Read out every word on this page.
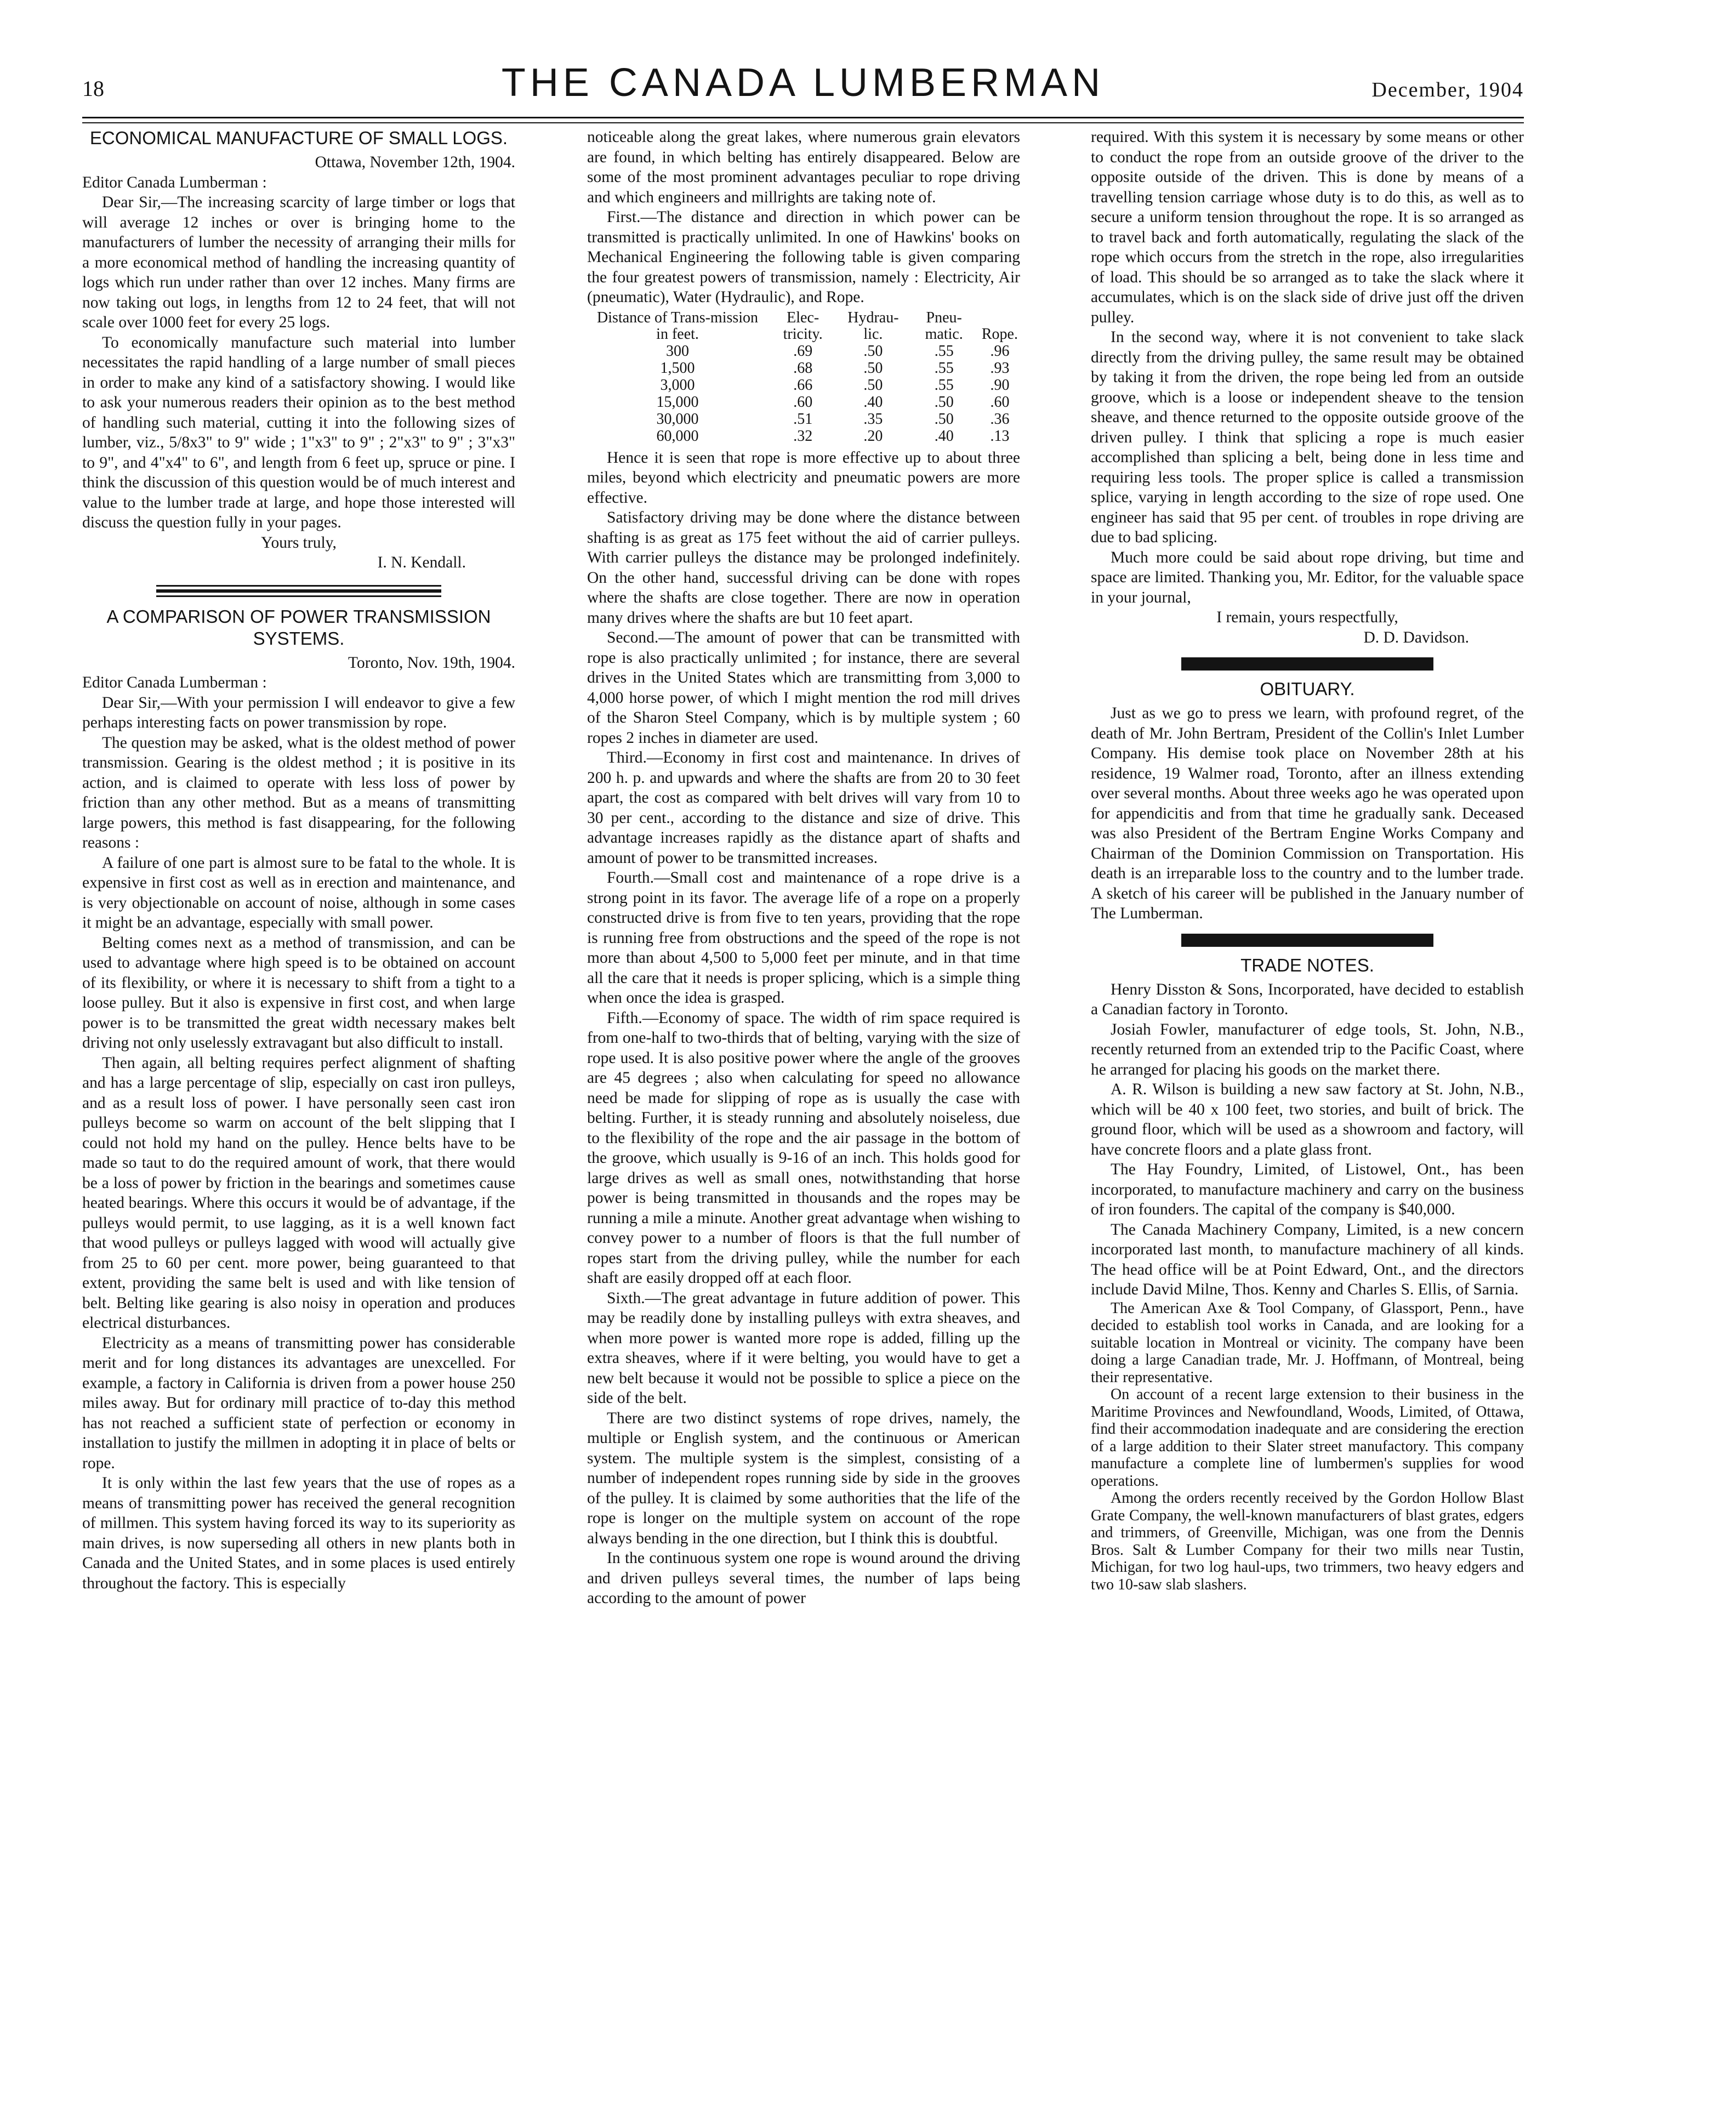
18	THE CANADA LUMBERMAN	December, 1904
ECONOMICAL MANUFACTURE OF SMALL LOGS.

Ottawa, November 12th, 1904.

Editor Canada Lumberman :

Dear Sir,—The increasing scarcity of large timber or logs that will average 12 inches or over is bringing home to the manufacturers of lumber the necessity of arranging their mills for a more economical method of handling the increasing quantity of logs which run under rather than over 12 inches. Many firms are now taking out logs, in lengths from 12 to 24 feet, that will not scale over 1000 feet for every 25 logs.

To economically manufacture such material into lumber necessitates the rapid handling of a large number of small pieces in order to make any kind of a satisfactory showing. I would like to ask your numerous readers their opinion as to the best method of handling such material, cutting it into the following sizes of lumber, viz., 5/8x3" to 9" wide ; 1"x3" to 9" ; 2"x3" to 9" ; 3"x3" to 9", and 4"x4" to 6", and length from 6 feet up, spruce or pine. I think the discussion of this question would be of much interest and value to the lumber trade at large, and hope those interested will discuss the question fully in your pages.

Yours truly,

I. N. Kendall.

A COMPARISON OF POWER TRANSMISSION SYSTEMS.

Toronto, Nov. 19th, 1904.

Editor Canada Lumberman :

Dear Sir,—With your permission I will endeavor to give a few perhaps interesting facts on power transmission by rope.

The question may be asked, what is the oldest method of power transmission. Gearing is the oldest method ; it is positive in its action, and is claimed to operate with less loss of power by friction than any other method. But as a means of transmitting large powers, this method is fast disappearing, for the following reasons :

A failure of one part is almost sure to be fatal to the whole. It is expensive in first cost as well as in erection and maintenance, and is very objectionable on account of noise, although in some cases it might be an advantage, especially with small power.

Belting comes next as a method of transmission, and can be used to advantage where high speed is to be obtained on account of its flexibility, or where it is necessary to shift from a tight to a loose pulley. But it also is expensive in first cost, and when large power is to be transmitted the great width necessary makes belt driving not only uselessly extravagant but also difficult to install.

Then again, all belting requires perfect alignment of shafting and has a large percentage of slip, especially on cast iron pulleys, and as a result loss of power. I have personally seen cast iron pulleys become so warm on account of the belt slipping that I could not hold my hand on the pulley. Hence belts have to be made so taut to do the required amount of work, that there would be a loss of power by friction in the bearings and sometimes cause heated bearings. Where this occurs it would be of advantage, if the pulleys would permit, to use lagging, as it is a well known fact that wood pulleys or pulleys lagged with wood will actually give from 25 to 60 per cent. more power, being guaranteed to that extent, providing the same belt is used and with like tension of belt. Belting like gearing is also noisy in operation and produces electrical disturbances.

Electricity as a means of transmitting power has considerable merit and for long distances its advantages are unexcelled. For example, a factory in California is driven from a power house 250 miles away. But for ordinary mill practice of to-day this method has not reached a sufficient state of perfection or economy in installation to justify the millmen in adopting it in place of belts or rope.

It is only within the last few years that the use of ropes as a means of transmitting power has received the general recognition of millmen. This system having forced its way to its superiority as main drives, is now superseding all others in new plants both in Canada and the United States, and in some places is used entirely throughout the factory. This is especially

noticeable along the great lakes, where numerous grain elevators are found, in which belting has entirely disappeared. Below are some of the most prominent advantages peculiar to rope driving and which engineers and millrights are taking note of.

First.—The distance and direction in which power can be transmitted is practically unlimited. In one of Hawkins' books on Mechanical Engineering the following table is given comparing the four greatest powers of transmission, namely : Electricity, Air (pneumatic), Water (Hydraulic), and Rope.

Distance of Trans-mission in feet.	Elec-tricity.	Hydrau-lic.	Pneu-matic.	Rope.
300	.69	.50	.55	.96
1,500	.68	.50	.55	.93
3,000	.66	.50	.55	.90
15,000	.60	.40	.50	.60
30,000	.51	.35	.50	.36
60,000	.32	.20	.40	.13

Hence it is seen that rope is more effective up to about three miles, beyond which electricity and pneumatic powers are more effective.

Satisfactory driving may be done where the distance between shafting is as great as 175 feet without the aid of carrier pulleys. With carrier pulleys the distance may be prolonged indefinitely. On the other hand, successful driving can be done with ropes where the shafts are close together. There are now in operation many drives where the shafts are but 10 feet apart.

Second.—The amount of power that can be transmitted with rope is also practically unlimited ; for instance, there are several drives in the United States which are transmitting from 3,000 to 4,000 horse power, of which I might mention the rod mill drives of the Sharon Steel Company, which is by multiple system ; 60 ropes 2 inches in diameter are used.

Third.—Economy in first cost and maintenance. In drives of 200 h. p. and upwards and where the shafts are from 20 to 30 feet apart, the cost as compared with belt drives will vary from 10 to 30 per cent., according to the distance and size of drive. This advantage increases rapidly as the distance apart of shafts and amount of power to be transmitted increases.

Fourth.—Small cost and maintenance of a rope drive is a strong point in its favor. The average life of a rope on a properly constructed drive is from five to ten years, providing that the rope is running free from obstructions and the speed of the rope is not more than about 4,500 to 5,000 feet per minute, and in that time all the care that it needs is proper splicing, which is a simple thing when once the idea is grasped.

Fifth.—Economy of space. The width of rim space required is from one-half to two-thirds that of belting, varying with the size of rope used. It is also positive power where the angle of the grooves are 45 degrees ; also when calculating for speed no allowance need be made for slipping of rope as is usually the case with belting. Further, it is steady running and absolutely noiseless, due to the flexibility of the rope and the air passage in the bottom of the groove, which usually is 9-16 of an inch. This holds good for large drives as well as small ones, notwithstanding that horse power is being transmitted in thousands and the ropes may be running a mile a minute. Another great advantage when wishing to convey power to a number of floors is that the full number of ropes start from the driving pulley, while the number for each shaft are easily dropped off at each floor.

Sixth.—The great advantage in future addition of power. This may be readily done by installing pulleys with extra sheaves, and when more power is wanted more rope is added, filling up the extra sheaves, where if it were belting, you would have to get a new belt because it would not be possible to splice a piece on the side of the belt.

There are two distinct systems of rope drives, namely, the multiple or English system, and the continuous or American system. The multiple system is the simplest, consisting of a number of independent ropes running side by side in the grooves of the pulley. It is claimed by some authorities that the life of the rope is longer on the multiple system on account of the rope always bending in the one direction, but I think this is doubtful.

In the continuous system one rope is wound around the driving and driven pulleys several times, the number of laps being according to the amount of power

required. With this system it is necessary by some means or other to conduct the rope from an outside groove of the driver to the opposite outside of the driven. This is done by means of a travelling tension carriage whose duty is to do this, as well as to secure a uniform tension throughout the rope. It is so arranged as to travel back and forth automatically, regulating the slack of the rope which occurs from the stretch in the rope, also irregularities of load. This should be so arranged as to take the slack where it accumulates, which is on the slack side of drive just off the driven pulley.

In the second way, where it is not convenient to take slack directly from the driving pulley, the same result may be obtained by taking it from the driven, the rope being led from an outside groove, which is a loose or independent sheave to the tension sheave, and thence returned to the opposite outside groove of the driven pulley. I think that splicing a rope is much easier accomplished than splicing a belt, being done in less time and requiring less tools. The proper splice is called a transmission splice, varying in length according to the size of rope used. One engineer has said that 95 per cent. of troubles in rope driving are due to bad splicing.

Much more could be said about rope driving, but time and space are limited. Thanking you, Mr. Editor, for the valuable space in your journal,

I remain, yours respectfully,

D. D. Davidson.

OBITUARY.

Just as we go to press we learn, with profound regret, of the death of Mr. John Bertram, President of the Collin's Inlet Lumber Company. His demise took place on November 28th at his residence, 19 Walmer road, Toronto, after an illness extending over several months. About three weeks ago he was operated upon for appendicitis and from that time he gradually sank. Deceased was also President of the Bertram Engine Works Company and Chairman of the Dominion Commission on Transportation. His death is an irreparable loss to the country and to the lumber trade. A sketch of his career will be published in the January number of The Lumberman.

TRADE NOTES.

Henry Disston & Sons, Incorporated, have decided to establish a Canadian factory in Toronto.

Josiah Fowler, manufacturer of edge tools, St. John, N.B., recently returned from an extended trip to the Pacific Coast, where he arranged for placing his goods on the market there.

A. R. Wilson is building a new saw factory at St. John, N.B., which will be 40 x 100 feet, two stories, and built of brick. The ground floor, which will be used as a showroom and factory, will have concrete floors and a plate glass front.

The Hay Foundry, Limited, of Listowel, Ont., has been incorporated, to manufacture machinery and carry on the business of iron founders. The capital of the company is $40,000.

The Canada Machinery Company, Limited, is a new concern incorporated last month, to manufacture machinery of all kinds. The head office will be at Point Edward, Ont., and the directors include David Milne, Thos. Kenny and Charles S. Ellis, of Sarnia.

The American Axe & Tool Company, of Glassport, Penn., have decided to establish tool works in Canada, and are looking for a suitable location in Montreal or vicinity. The company have been doing a large Canadian trade, Mr. J. Hoffmann, of Montreal, being their representative.

On account of a recent large extension to their business in the Maritime Provinces and Newfoundland, Woods, Limited, of Ottawa, find their accommodation inadequate and are considering the erection of a large addition to their Slater street manufactory. This company manufacture a complete line of lumbermen's supplies for wood operations.

Among the orders recently received by the Gordon Hollow Blast Grate Company, the well-known manufacturers of blast grates, edgers and trimmers, of Greenville, Michigan, was one from the Dennis Bros. Salt & Lumber Company for their two mills near Tustin, Michigan, for two log haul-ups, two trimmers, two heavy edgers and two 10-saw slab slashers.
